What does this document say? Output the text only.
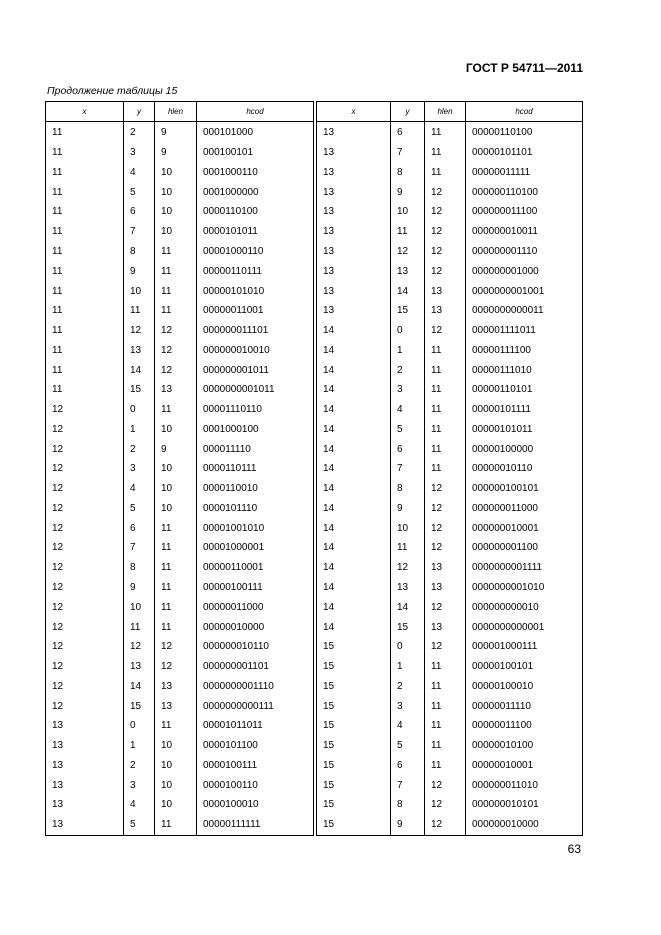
ГОСТ Р 54711—2011
Продолжение таблицы 15
x	y	hlen	hcod
11	2	9	000101000
11	3	9	000100101
11	4	10	0001000110
11	5	10	0001000000
11	6	10	0000110100
11	7	10	0000101011
11	8	11	00001000110
11	9	11	00000110111
11	10	11	00000101010
11	11	11	00000011001
11	12	12	000000011101
11	13	12	000000010010
11	14	12	000000001011
11	15	13	0000000001011
12	0	11	00001110110
12	1	10	0001000100
12	2	9	000011110
12	3	10	0000110111
12	4	10	0000110010
12	5	10	0000101110
12	6	11	00001001010
12	7	11	00001000001
12	8	11	00000110001
12	9	11	00000100111
12	10	11	00000011000
12	11	11	00000010000
12	12	12	000000010110
12	13	12	000000001101
12	14	13	0000000001110
12	15	13	0000000000111
13	0	11	00001011011
13	1	10	0000101100
13	2	10	0000100111
13	3	10	0000100110
13	4	10	0000100010
13	5	11	00000111111
x	y	hlen	hcod
13	6	11	00000110100
13	7	11	00000101101
13	8	11	00000011111
13	9	12	000000110100
13	10	12	000000011100
13	11	12	000000010011
13	12	12	000000001110
13	13	12	000000001000
13	14	13	0000000001001
13	15	13	0000000000011
14	0	12	000001111011
14	1	11	00000111100
14	2	11	00000111010
14	3	11	00000110101
14	4	11	00000101111
14	5	11	00000101011
14	6	11	00000100000
14	7	11	00000010110
14	8	12	000000100101
14	9	12	000000011000
14	10	12	000000010001
14	11	12	000000001100
14	12	13	0000000001111
14	13	13	0000000001010
14	14	12	000000000010
14	15	13	0000000000001
15	0	12	000001000111
15	1	11	00000100101
15	2	11	00000100010
15	3	11	00000011110
15	4	11	00000011100
15	5	11	00000010100
15	6	11	00000010001
15	7	12	000000011010
15	8	12	000000010101
15	9	12	000000010000
63
